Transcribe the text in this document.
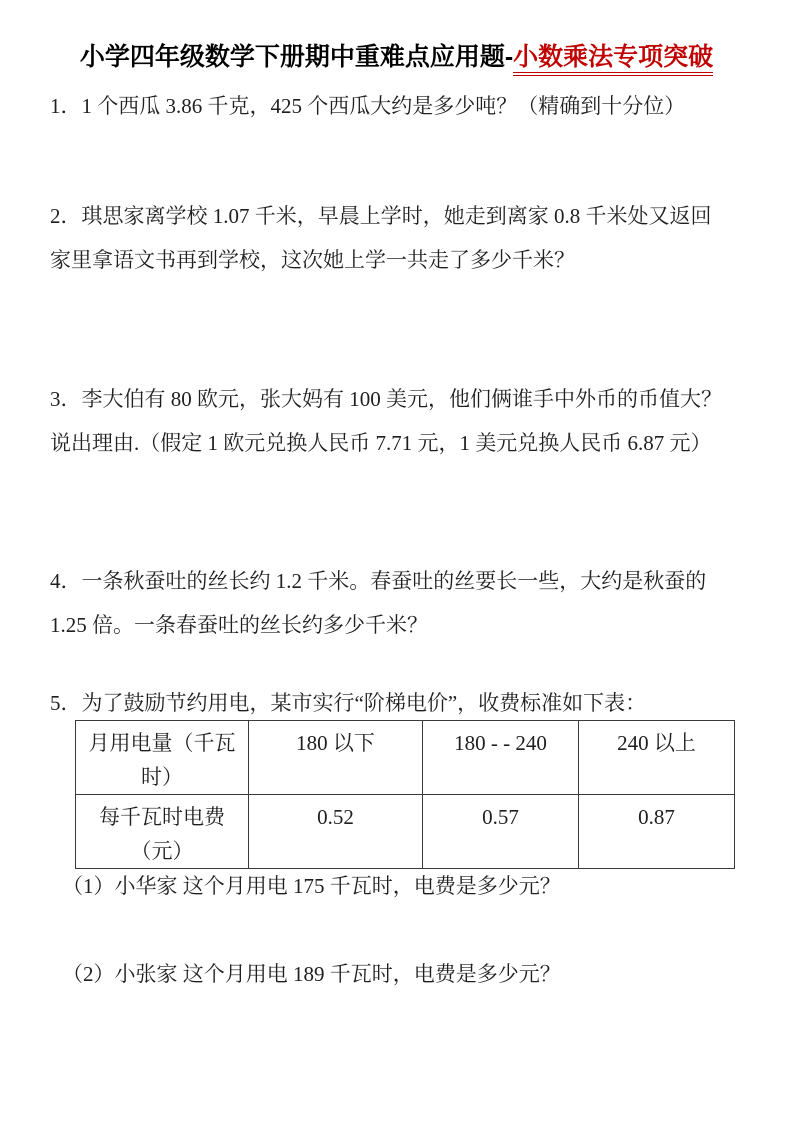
小学四年级数学下册期中重难点应用题-小数乘法专项突破
1．1 个西瓜 3.86 千克，425 个西瓜大约是多少吨？（精确到十分位）
2．琪思家离学校 1.07 千米，早晨上学时，她走到离家 0.8 千米处又返回
家里拿语文书再到学校，这次她上学一共走了多少千米？
3．李大伯有 80 欧元，张大妈有 100 美元，他们俩谁手中外币的币值大？
说出理由.（假定 1 欧元兑换人民币 7.71 元，1 美元兑换人民币 6.87 元）
4．一条秋蚕吐的丝长约 1.2 千米。春蚕吐的丝要长一些，大约是秋蚕的
1.25 倍。一条春蚕吐的丝长约多少千米？
5．为了鼓励节约用电，某市实行“阶梯电价”，收费标准如下表：
月用电量（千瓦
时）	180 以下	180 - - 240	240 以上

每千瓦时电费
（元）	0.52	0.57	0.87
（1）小华家 这个月用电 175 千瓦时，电费是多少元？
（2）小张家 这个月用电 189 千瓦时，电费是多少元？
